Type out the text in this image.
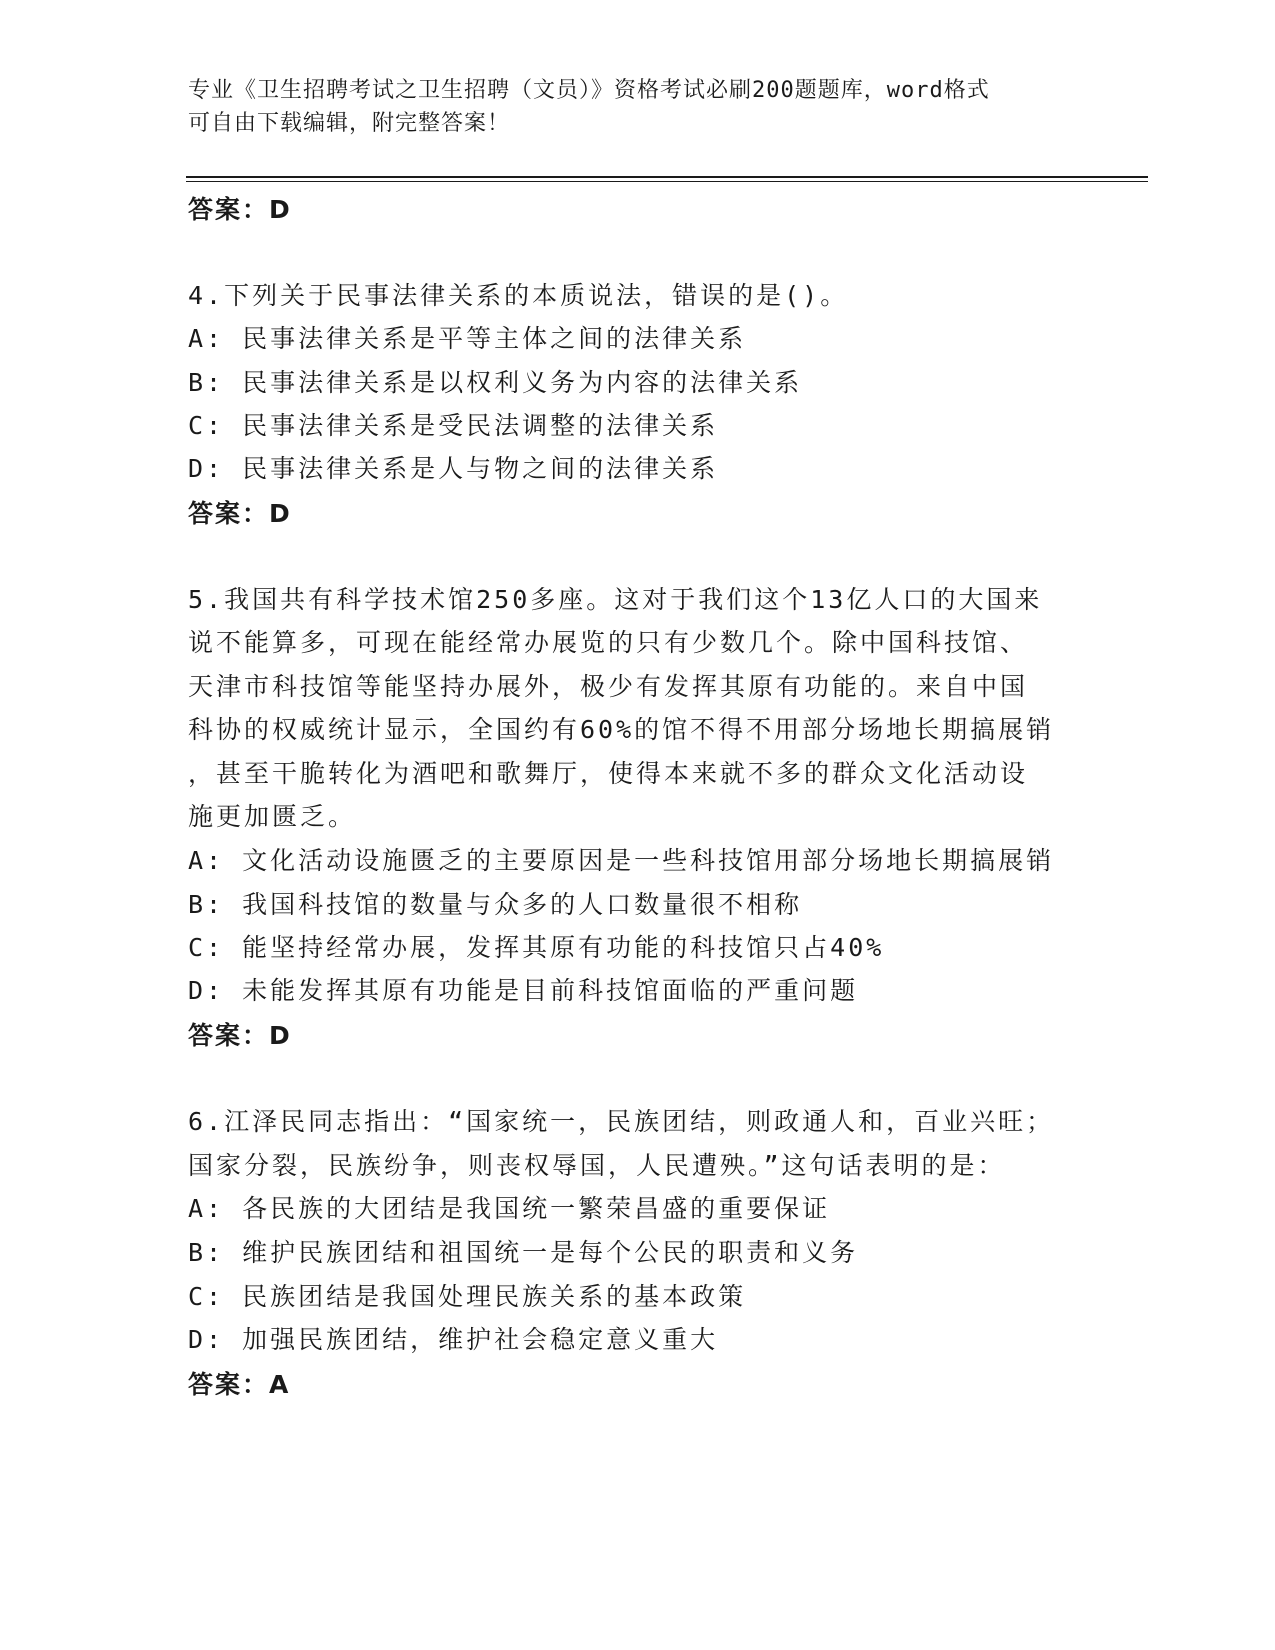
专业《卫生招聘考试之卫生招聘（文员）》资格考试必刷200题题库，word格式
可自由下载编辑，附完整答案！
答案：D
4.下列关于民事法律关系的本质说法，错误的是()。
A: 民事法律关系是平等主体之间的法律关系
B: 民事法律关系是以权利义务为内容的法律关系
C: 民事法律关系是受民法调整的法律关系
D: 民事法律关系是人与物之间的法律关系
答案：D
5.我国共有科学技术馆250多座。这对于我们这个13亿人口的大国来
说不能算多，可现在能经常办展览的只有少数几个。除中国科技馆、
天津市科技馆等能坚持办展外，极少有发挥其原有功能的。来自中国
科协的权威统计显示，全国约有60%的馆不得不用部分场地长期搞展销
，甚至干脆转化为酒吧和歌舞厅，使得本来就不多的群众文化活动设
施更加匮乏。
A: 文化活动设施匮乏的主要原因是一些科技馆用部分场地长期搞展销
B: 我国科技馆的数量与众多的人口数量很不相称
C: 能坚持经常办展，发挥其原有功能的科技馆只占40%
D: 未能发挥其原有功能是目前科技馆面临的严重问题
答案：D
6.江泽民同志指出：“国家统一，民族团结，则政通人和，百业兴旺；
国家分裂，民族纷争，则丧权辱国，人民遭殃。”这句话表明的是：
A: 各民族的大团结是我国统一繁荣昌盛的重要保证
B: 维护民族团结和祖国统一是每个公民的职责和义务
C: 民族团结是我国处理民族关系的基本政策
D: 加强民族团结，维护社会稳定意义重大
答案：A
